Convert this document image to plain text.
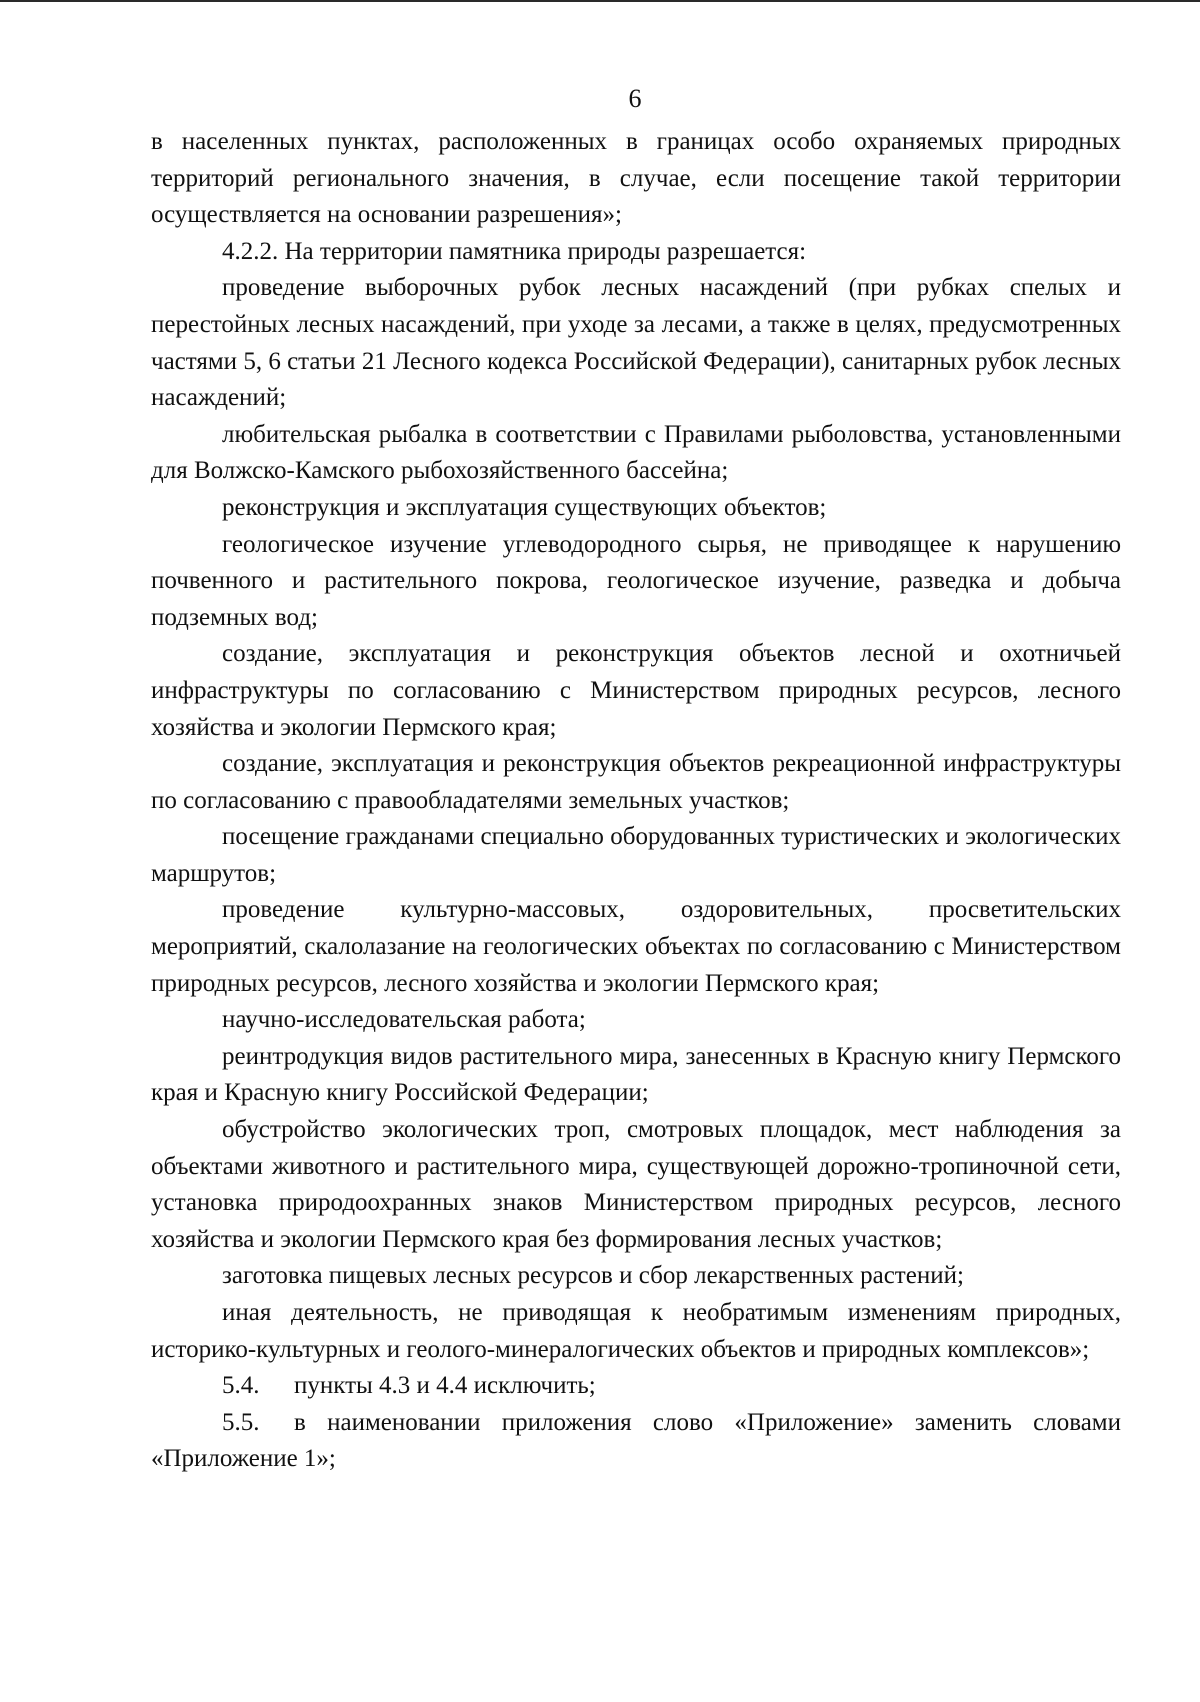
6

в населенных пунктах, расположенных в границах особо охраняемых природных территорий регионального значения, в случае, если посещение такой территории осуществляется на основании разрешения»;

4.2.2. На территории памятника природы разрешается:

проведение выборочных рубок лесных насаждений (при рубках спелых и перестойных лесных насаждений, при уходе за лесами, а также в целях, предусмотренных частями 5, 6 статьи 21 Лесного кодекса Российской Федерации), санитарных рубок лесных насаждений;

любительская рыбалка в соответствии с Правилами рыболовства, установленными для Волжско-Камского рыбохозяйственного бассейна;

реконструкция и эксплуатация существующих объектов;

геологическое изучение углеводородного сырья, не приводящее к нарушению почвенного и растительного покрова, геологическое изучение, разведка и добыча подземных вод;

создание, эксплуатация и реконструкция объектов лесной и охотничьей инфраструктуры по согласованию с Министерством природных ресурсов, лесного хозяйства и экологии Пермского края;

создание, эксплуатация и реконструкция объектов рекреационной инфраструктуры по согласованию с правообладателями земельных участков;

посещение гражданами специально оборудованных туристических и экологических маршрутов;

проведение культурно-массовых, оздоровительных, просветительских мероприятий, скалолазание на геологических объектах по согласованию с Министерством природных ресурсов, лесного хозяйства и экологии Пермского края;

научно-исследовательская работа;

реинтродукция видов растительного мира, занесенных в Красную книгу Пермского края и Красную книгу Российской Федерации;

обустройство экологических троп, смотровых площадок, мест наблюдения за объектами животного и растительного мира, существующей дорожно-тропиночной сети, установка природоохранных знаков Министерством природных ресурсов, лесного хозяйства и экологии Пермского края без формирования лесных участков;

заготовка пищевых лесных ресурсов и сбор лекарственных растений;

иная деятельность, не приводящая к необратимым изменениям природных, историко-культурных и геолого-минералогических объектов и природных комплексов»;

5.4. пункты 4.3 и 4.4 исключить;

5.5. в наименовании приложения слово «Приложение» заменить словами «Приложение 1»;
